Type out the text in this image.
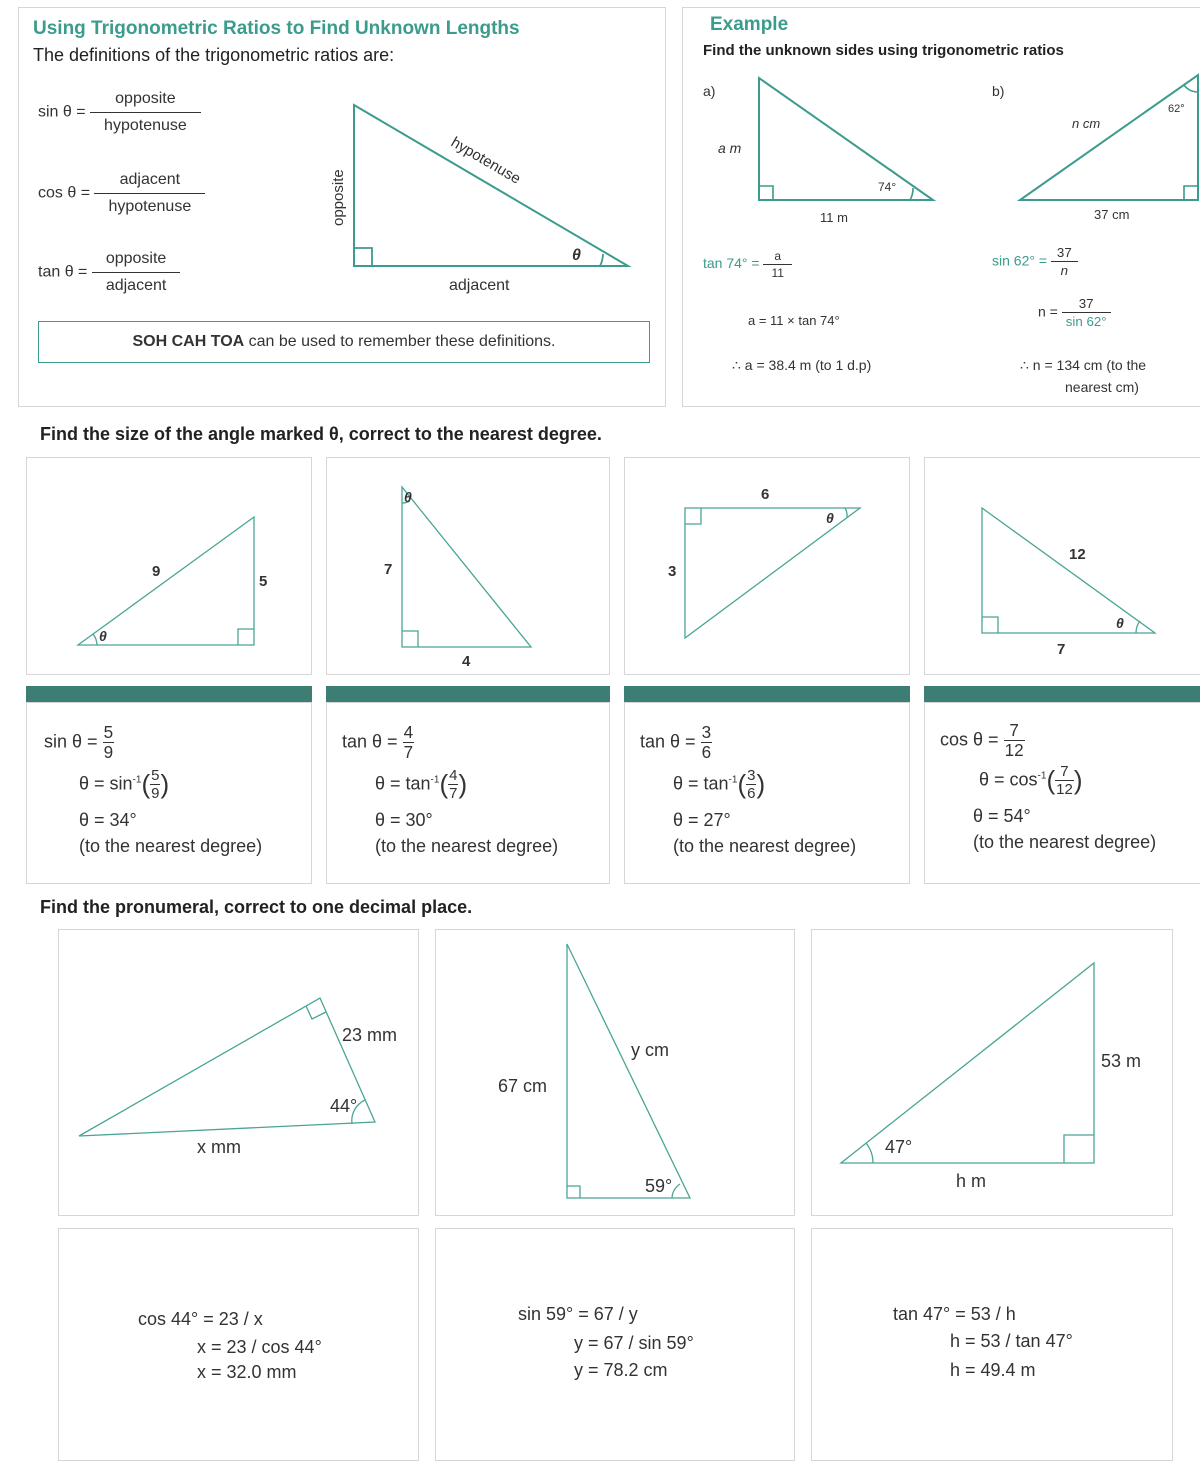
Using Trigonometric Ratios to Find Unknown Lengths
The definitions of the trigonometric ratios are:
$\sin \theta = \frac{\text{opposite}}{\text{hypotenuse}}$
$\cos \theta = \frac{\text{adjacent}}{\text{hypotenuse}}$
$\tan \theta = \frac{\text{opposite}}{\text{adjacent}}$
opposite
hypotenuse
adjacent
θ
SOH CAH TOA can be used to remember these definitions.
Example
Find the unknown sides using trigonometric ratios
a)
a m
74°
11 m
b)
n cm
62°
37 cm
$\tan 74^\circ = \frac{a}{11}$
a = 11 × tan 74°
∴ a = 38.4 m (to 1 d.p)
$\sin 62^\circ = \frac{37}{n}$
$n = \frac{37}{\sin 62^\circ}$
∴ n = 134 cm (to the
nearest cm)
Find the size of the angle marked θ, correct to the nearest degree.
9
5
θ
7
4
θ	6
3
θ
12
7
θ
$\sin \theta = \frac{5}{9}$
$\theta = \sin^{-1}( \frac{5}{9}$ )
θ = 34°
(to the nearest degree)
$\tan \theta = \frac{4}{7}$
$\theta = \tan^{-1}( \frac{4}{7}$ )
θ = 30°
(to the nearest degree)
$\tan \theta = \frac{3}{6}$
$\theta = \tan^{-1}( \frac{3}{6}$ )
θ = 27°
(to the nearest degree)
$\cos \theta = \frac{7}{12}$
$\theta = \cos^{-1}( \frac{7}{12}$ )
θ = 54°
(to the nearest degree)
Find the pronumeral, correct to one decimal place.
23 mm
44°
x mm
67 cm
59°
y cm
53 m
47°
h m
cos 44° = 23 / x
x = 23 / cos 44°
x = 32.0 mm
sin 59° = 67 / y
y = 67 / sin 59°
y = 78.2 cm
tan 47° = 53 / h
h = 53 / tan 47°
h = 49.4 m
